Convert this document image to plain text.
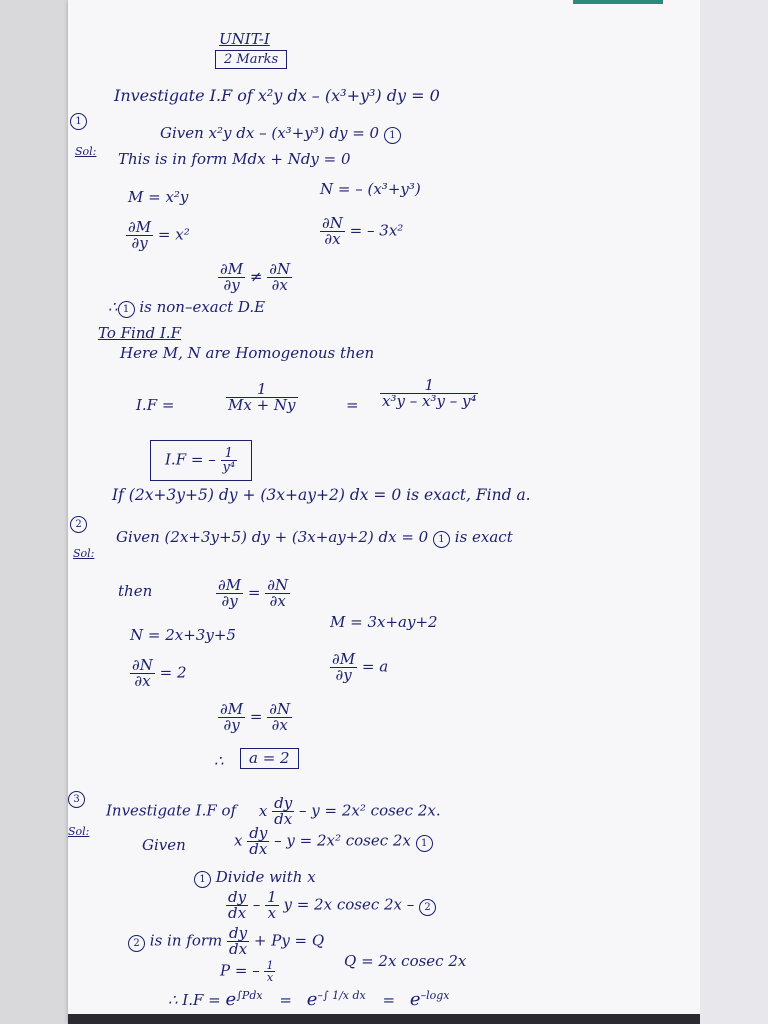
UNIT-I
2 Marks
1
Investigate I.F of x²y dx – (x³+y³) dy = 0
Sol:
Given x²y dx – (x³+y³) dy = 0 1
This is in form Mdx + Ndy = 0
M = x²y	N = – (x³+y³)
$\frac{\partial M}{\partial y} = x^2$	$\frac{\partial N}{\partial x}$ = – 3x²
$\frac{\partial M}{\partial y} \ne \frac{\partial N}{\partial x}$
∴ 1 is non–exact D.E
To Find I.F
Here M, N are Homogenous then
I.F =	$\frac{1}{Mx + Ny}$	= $\frac{1}{\text{x³y – x³y – y⁴}}$
I.F = – $\frac{1}{\text{y⁴}}$
2
If (2x+3y+5) dy + (3x+ay+2) dx = 0 is exact, Find a.
Sol:
Given (2x+3y+5) dy + (3x+ay+2) dx = 0 1 is exact
then	$\frac{\partial M}{\partial y} = \frac{\partial N}{\partial x}$
N = 2x+3y+5
M = 3x+ay+2
$\frac{\partial N}{\partial x} = 2$	$\frac{\partial M}{\partial y} = a$
$\frac{\partial M}{\partial y} = \frac{\partial N}{\partial x}$
∴	a = 2
3
Investigate I.F of x $\frac{dy}{dx} - y = 2x^2$ cosec 2x.
Sol:
Given	x $\frac{dy}{dx} - y = 2x^2$ cosec 2x 1
1 Divide with x
$\frac{dy}{dx} - \frac{1}{x}$ y = 2x cosec 2x – 2
2 is in form $\frac{dy}{dx} + Py = Q$
P = – $\frac{1}{x}$	Q = 2x cosec 2x
∴ $I.F = e^{\int Pdx} = e^{-\int 1/x dx} = e^{-logx}$
